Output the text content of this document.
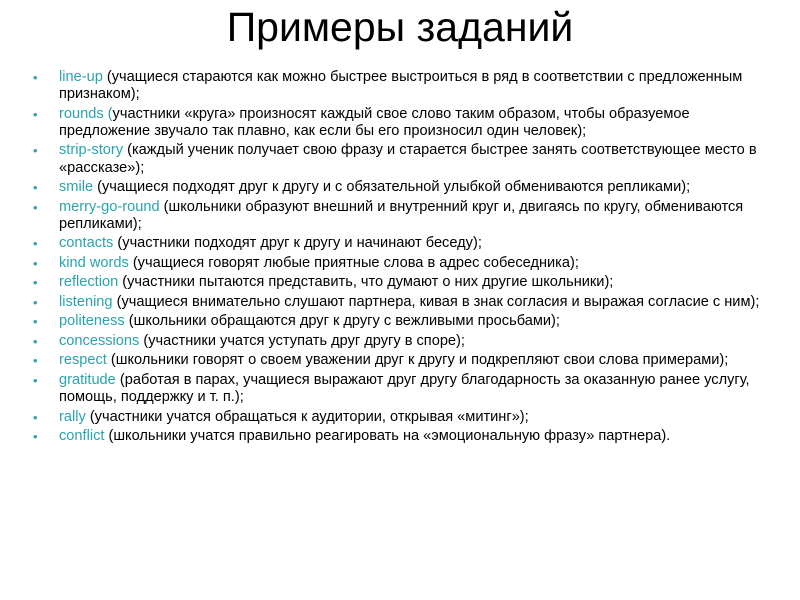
Примеры заданий
• line-up (учащиеся стараются как можно быстрее выстроиться в ряд в соответствии с предложенным признаком);
• rounds (участники «круга» произносят каждый свое слово таким образом, чтобы образуемое предложение звучало так плавно, как если бы его произносил один человек);
• strip-story (каждый ученик получает свою фразу и старается быстрее занять соответствующее место в «рассказе»);
• smile (учащиеся подходят друг к другу и с обязательной улыбкой обмениваются репликами);
• merry-go-round (школьники образуют внешний и внутренний круг и, двигаясь по кругу, обмениваются репликами);
• contacts (участники подходят друг к другу и начинают беседу);
• kind words (учащиеся говорят любые приятные слова в адрес собеседника);
• reflection (участники пытаются представить, что думают о них другие школьники);
• listening (учащиеся внимательно слушают партнера, кивая в знак согласия и выражая согласие с ним);
• politeness (школьники обращаются друг к другу с вежливыми просьбами);
• concessions (участники учатся уступать друг другу в споре);
• respect (школьники говорят о своем уважении друг к другу и подкрепляют свои слова примерами);
• gratitude (работая в парах, учащиеся выражают друг другу благодарность за оказанную ранее услугу, помощь, поддержку и т. п.);
• rally (участники учатся обращаться к аудитории, открывая «митинг»);
• conflict (школьники учатся правильно реагировать на «эмоциональную фразу» партнера).
